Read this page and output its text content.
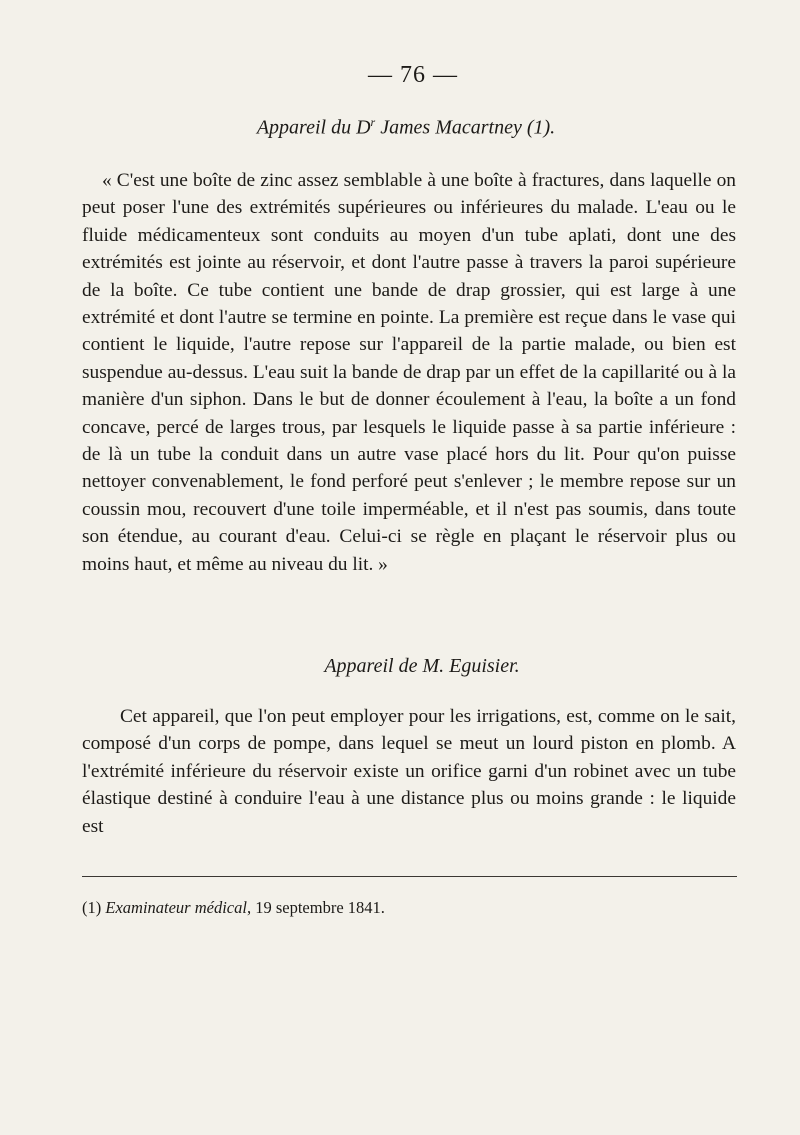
— 76 —
Appareil du $D^r$ James Macartney (1).

« C'est une boîte de zinc assez semblable à une boîte à fractures, dans laquelle on peut poser l'une des extrémités supérieures ou inférieures du malade. L'eau ou le fluide médicamenteux sont conduits au moyen d'un tube aplati, dont une des extrémités est jointe au réservoir, et dont l'autre passe à travers la paroi supérieure de la boîte. Ce tube contient une bande de drap grossier, qui est large à une extrémité et dont l'autre se termine en pointe. La première est reçue dans le vase qui contient le liquide, l'autre repose sur l'appareil de la partie malade, ou bien est suspendue au-dessus. L'eau suit la bande de drap par un effet de la capillarité ou à la manière d'un siphon. Dans le but de donner écoulement à l'eau, la boîte a un fond concave, percé de larges trous, par lesquels le liquide passe à sa partie inférieure : de là un tube la conduit dans un autre vase placé hors du lit. Pour qu'on puisse nettoyer convenablement, le fond perforé peut s'enlever ; le membre repose sur un coussin mou, recouvert d'une toile imperméable, et il n'est pas soumis, dans toute son étendue, au courant d'eau. Celui-ci se règle en plaçant le réservoir plus ou moins haut, et même au niveau du lit. »

Appareil de M. Eguisier.

Cet appareil, que l'on peut employer pour les irrigations, est, comme on le sait, composé d'un corps de pompe, dans lequel se meut un lourd piston en plomb. A l'extrémité inférieure du réservoir existe un orifice garni d'un robinet avec un tube élastique destiné à conduire l'eau à une distance plus ou moins grande : le liquide est

(1) Examinateur médical, 19 septembre 1841.
